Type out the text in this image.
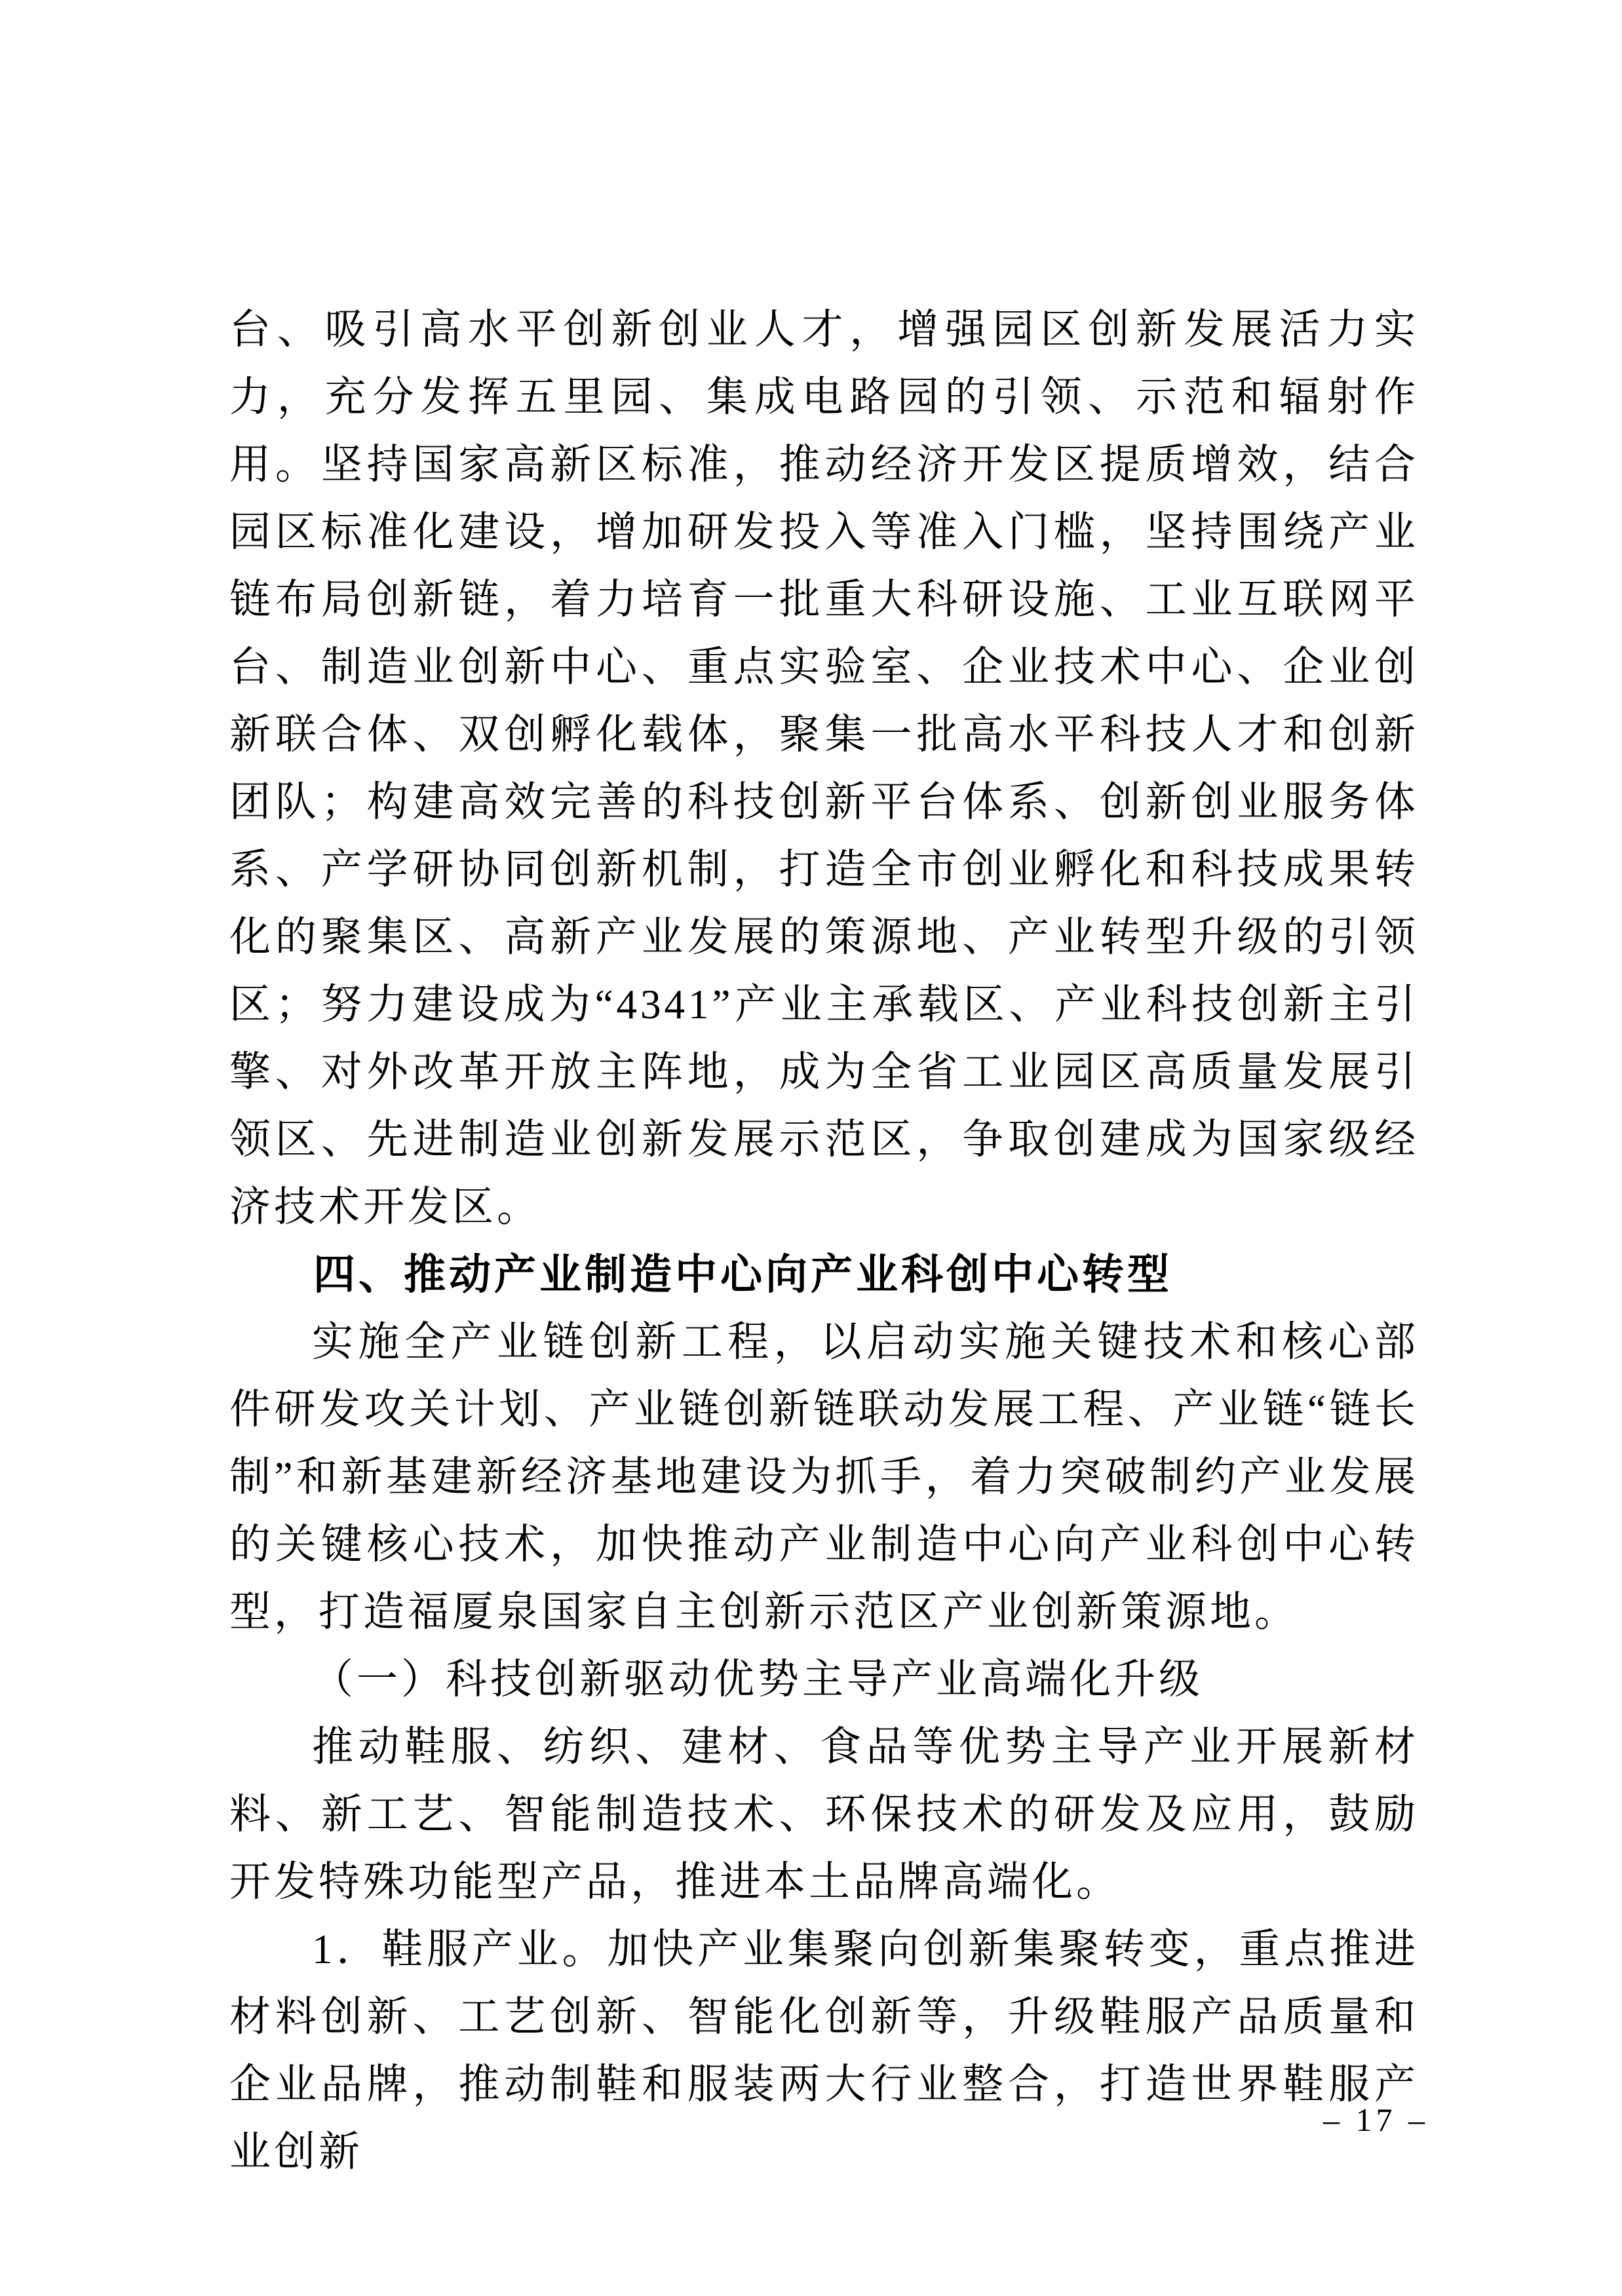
台、吸引高水平创新创业人才，增强园区创新发展活力实力，充分发挥五里园、集成电路园的引领、示范和辐射作用。坚持国家高新区标准，推动经济开发区提质增效，结合园区标准化建设，增加研发投入等准入门槛，坚持围绕产业链布局创新链，着力培育一批重大科研设施、工业互联网平台、制造业创新中心、重点实验室、企业技术中心、企业创新联合体、双创孵化载体，聚集一批高水平科技人才和创新团队；构建高效完善的科技创新平台体系、创新创业服务体系、产学研协同创新机制，打造全市创业孵化和科技成果转化的聚集区、高新产业发展的策源地、产业转型升级的引领区；努力建设成为“4341”产业主承载区、产业科技创新主引擎、对外改革开放主阵地，成为全省工业园区高质量发展引领区、先进制造业创新发展示范区，争取创建成为国家级经济技术开发区。

四、推动产业制造中心向产业科创中心转型

实施全产业链创新工程，以启动实施关键技术和核心部件研发攻关计划、产业链创新链联动发展工程、产业链“链长制”和新基建新经济基地建设为抓手，着力突破制约产业发展的关键核心技术，加快推动产业制造中心向产业科创中心转型，打造福厦泉国家自主创新示范区产业创新策源地。

（一）科技创新驱动优势主导产业高端化升级

推动鞋服、纺织、建材、食品等优势主导产业开展新材料、新工艺、智能制造技术、环保技术的研发及应用，鼓励开发特殊功能型产品，推进本土品牌高端化。

1．鞋服产业。加快产业集聚向创新集聚转变，重点推进材料创新、工艺创新、智能化创新等，升级鞋服产品质量和企业品牌，推动制鞋和服装两大行业整合，打造世界鞋服产业创新

– 17 –
